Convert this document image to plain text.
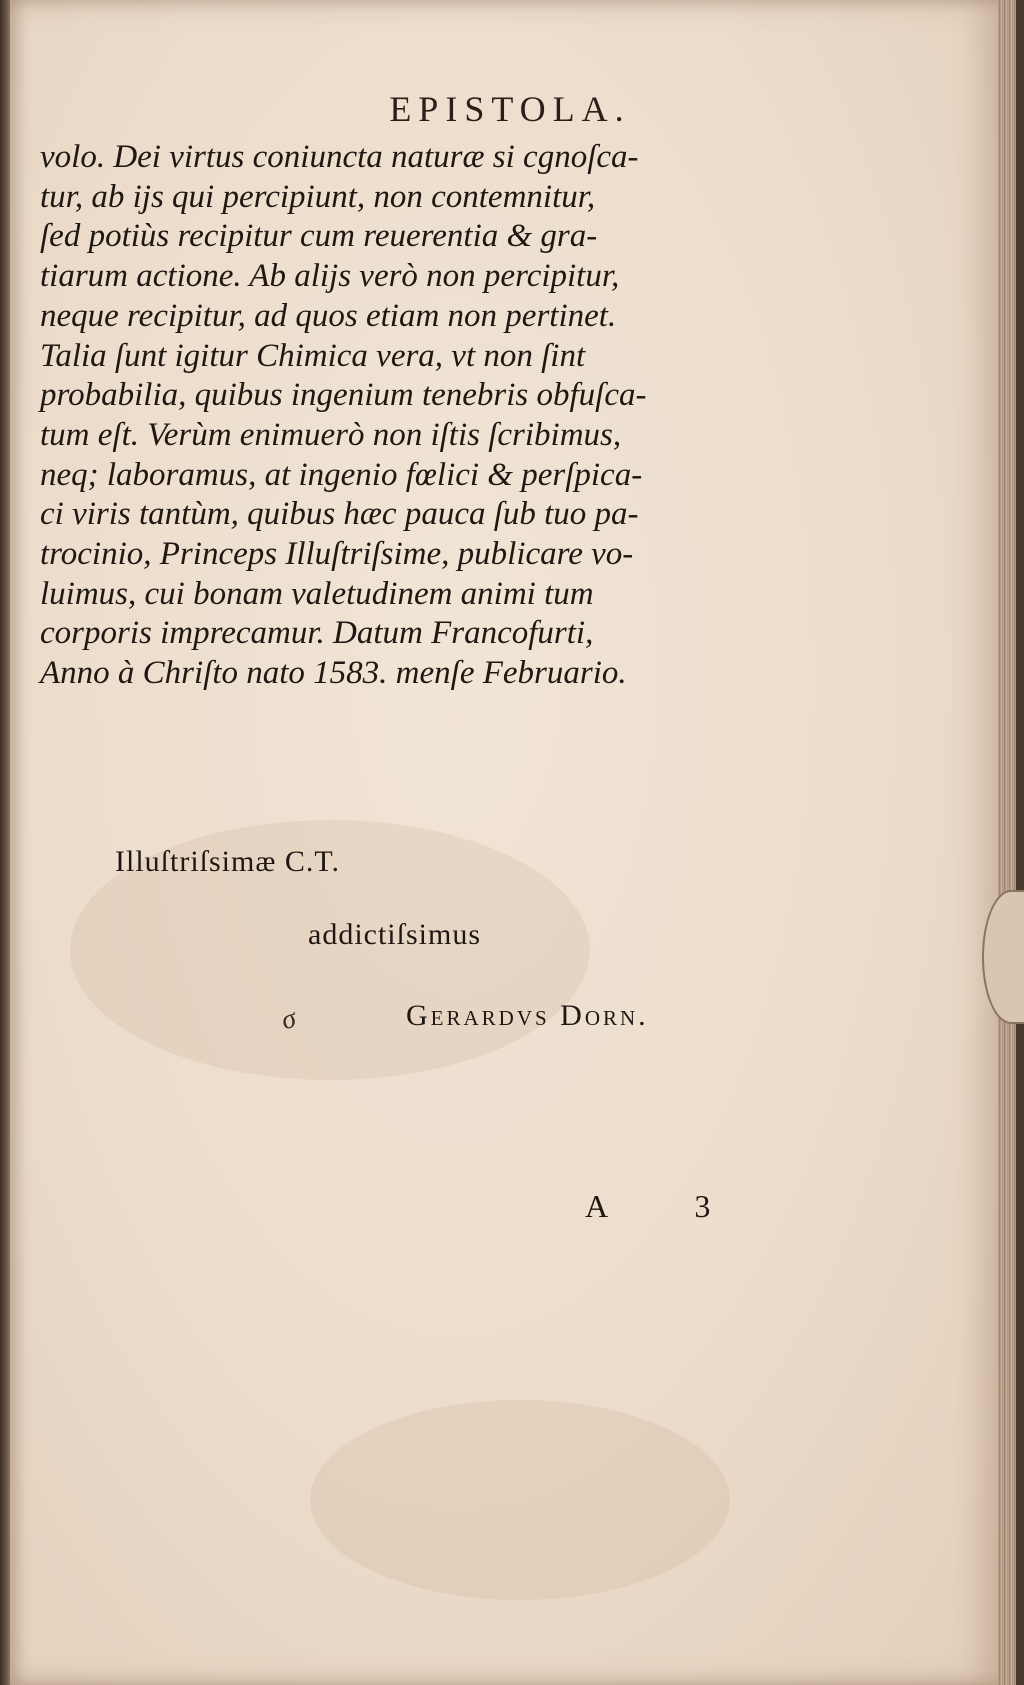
EPISTOLA.
volo. Dei virtus coniuncta naturæ si cgnoſca-
tur, ab ijs qui percipiunt, non contemnitur,
ſed potiùs recipitur cum reuerentia & gra-
tiarum actione. Ab alijs verò non percipitur,
neque recipitur, ad quos etiam non pertinet.
Talia ſunt igitur Chimica vera, vt non ſint
probabilia, quibus ingenium tenebris obfuſca-
tum eſt. Verùm enimuerò non iſtis ſcribimus,
neq; laboramus, at ingenio fœlici & perſpica-
ci viris tantùm, quibus hæc pauca ſub tuo pa-
trocinio, Princeps Illuſtriſsime, publicare vo-
luimus, cui bonam valetudinem animi tum
corporis imprecamur. Datum Francofurti,
Anno à Chriſto nato 1583. menſe Februario.
Illuſtriſsimæ C.T.
addictiſsimus
σ	Gerardvs Dorn.
A 3
